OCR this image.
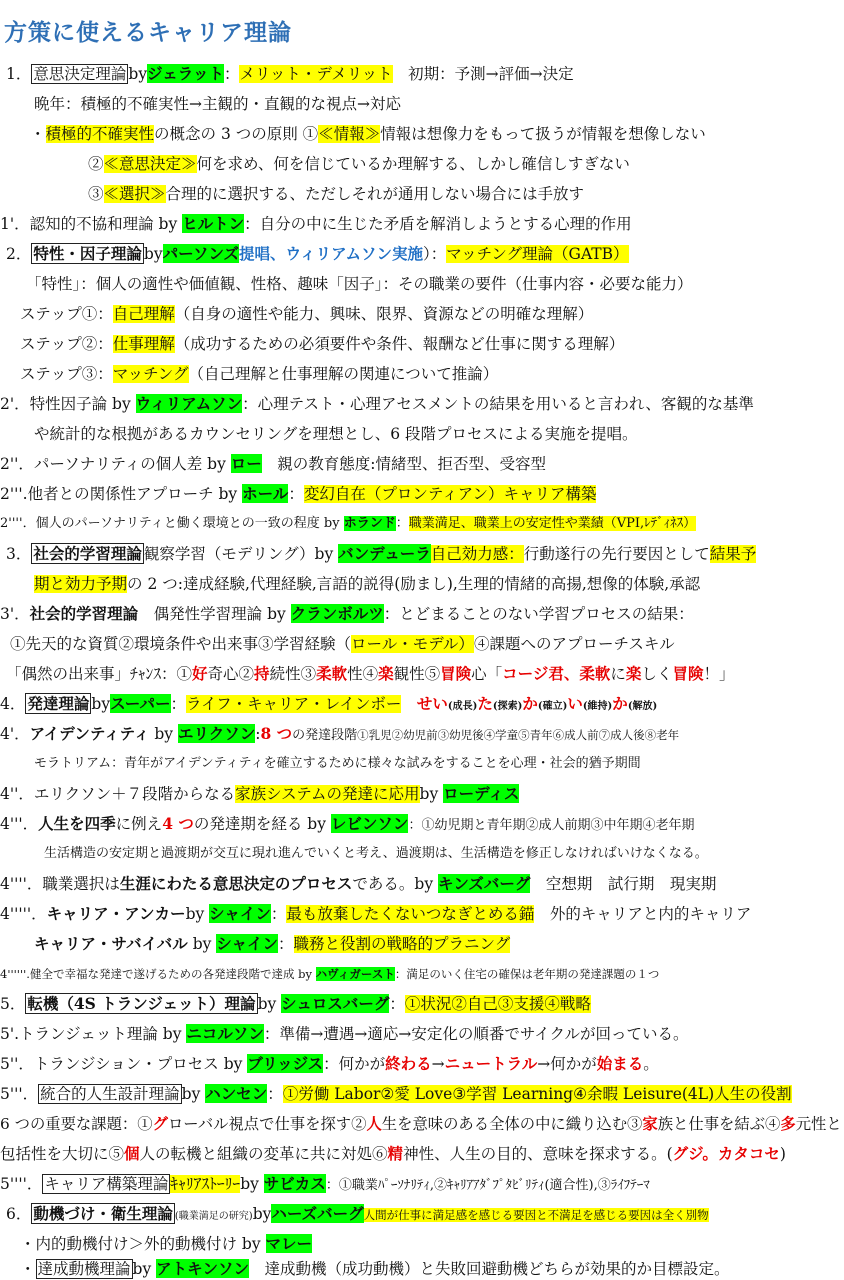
方策に使えるキャリア理論
1． 意思決定理論 byジェラット：メリット・デメリット　初期：予測→評価→決定
晩年：積極的不確実性→主観的・直観的な視点→対応
・積極的不確実性の概念の 3 つの原則 ①≪情報≫情報は想像力をもって扱うが情報を想像しない
②≪意思決定≫何を求め、何を信じているか理解する、しかし確信しすぎない
③≪選択≫合理的に選択する、ただしそれが通用しない場合には手放す
1'．認知的不協和理論 by ヒルトン：自分の中に生じた矛盾を解消しようとする心理的作用
2． 特性・因子理論 byパーソンズ提唱、ウィリアムソン実施）：マッチング理論（GATB）
「特性」：個人の適性や価値観、性格、趣味「因子」：その職業の要件（仕事内容・必要な能力）
ステップ①：自己理解（自身の適性や能力、興味、限界、資源などの明確な理解）
ステップ②：仕事理解（成功するための必須要件や条件、報酬など仕事に関する理解）
ステップ③：マッチング（自己理解と仕事理解の関連について推論）
2'．特性因子論 by ウィリアムソン：心理テスト・心理アセスメントの結果を用いると言われ、客観的な基準
や統計的な根拠があるカウンセリングを理想とし、6 段階プロセスによる実施を提唱。
2''．パーソナリティの個人差 by ロー　親の教育態度:情緒型、拒否型、受容型
2'''.他者との関係性アプローチ by ホール：変幻自在（プロンティアン）キャリア構築
2''''．個人のパーソナリティと働く環境との一致の程度 by ホランド：職業満足、職業上の安定性や業績（VPI,ﾚﾃﾞｨﾈｽ）
3． 社会的学習理論 観察学習（モデリング）by バンデューラ自己効力感：行動遂行の先行要因として結果予
期と効力予期の 2 つ:達成経験,代理経験,言語的説得(励まし),生理的情緒的高揚,想像的体験,承認
3'．社会的学習理論　偶発性学習理論 by クランボルツ：とどまることのない学習プロセスの結果：
①先天的な資質②環境条件や出来事③学習経験（ロール・モデル）④課題へのアプローチスキル
「偶然の出来事」ﾁｬﾝｽ：①好奇心②持続性③柔軟性④楽観性⑤冒険心「コージ君、柔軟に楽しく冒険！」
4． 発達理論 byスーパー：ライフ・キャリア・レインボー　 せい(成長)た(探索)か(確立)い(維持)か(解放)
4'．アイデンティティ by エリクソン:8 つの発達段階①乳児②幼児前③幼児後④学童⑤青年⑥成人前⑦成人後⑧老年
モラトリアム：青年がアイデンティティを確立するために様々な試みをすることを心理・社会的猶予期間
4''．エリクソン＋７段階からなる家族システムの発達に応用by ローディス
4'''．人生を四季に例え4 つの発達期を経る by レビンソン：①幼児期と青年期②成人前期③中年期④老年期
生活構造の安定期と過渡期が交互に現れ進んでいくと考え、過渡期は、生活構造を修正しなければいけなくなる。
4''''．職業選択は生涯にわたる意思決定のプロセスである。by キンズバーグ　空想期　試行期　現実期
4'''''．キャリア・アンカーby シャイン：最も放棄したくないつなぎとめる錨　外的キャリアと内的キャリア
キャリア・サバイバル by シャイン：職務と役割の戦略的プラニング
4''''''.健全で幸福な発達で遂げるための各発達段階で達成 by ハヴィガースト：満足のいく住宅の確保は老年期の発達課題の１つ
5． 転機（4S トランジェット）理論 by シュロスバーグ：①状況②自己③支援④戦略
5'.トランジェット理論 by ニコルソン：準備→遭遇→適応→安定化の順番でサイクルが回っている。
5''．トランジション・プロセス by ブリッジス：何かが終わる→ニュートラル→何かが始まる。
5'''． 統合的人生設計理論 by ハンセン：①労働 Labor②愛 Love③学習 Learning④余暇 Leisure(4L)人生の役割
6 つの重要な課題：①グローバル視点で仕事を探す②人生を意味のある全体の中に織り込む③家族と仕事を結ぶ④多元性と
包括性を大切に⑤個人の転機と組織の変革に共に対処⑥精神性、人生の目的、意味を探求する。(グジ。カタコセ)
5''''． キャリア構築理論 ｷｬﾘｱｽﾄｰﾘｰby サビカス：①職業ﾊﾟｰｿﾅﾘﾃｨ,②ｷｬﾘｱｱﾀﾞﾌﾟﾀﾋﾞﾘﾃｨ(適合性),③ﾗｲﾌﾃｰﾏ
6． 動機づけ・衛生理論 (職業満足の研究)byハーズバーグ人間が仕事に満足感を感じる要因と不満足を感じる要因は全く別物
・内的動機付け＞外的動機付け by マレー
・ 達成動機理論 by アトキンソン　達成動機（成功動機）と失敗回避動機どちらが効果的か目標設定。
